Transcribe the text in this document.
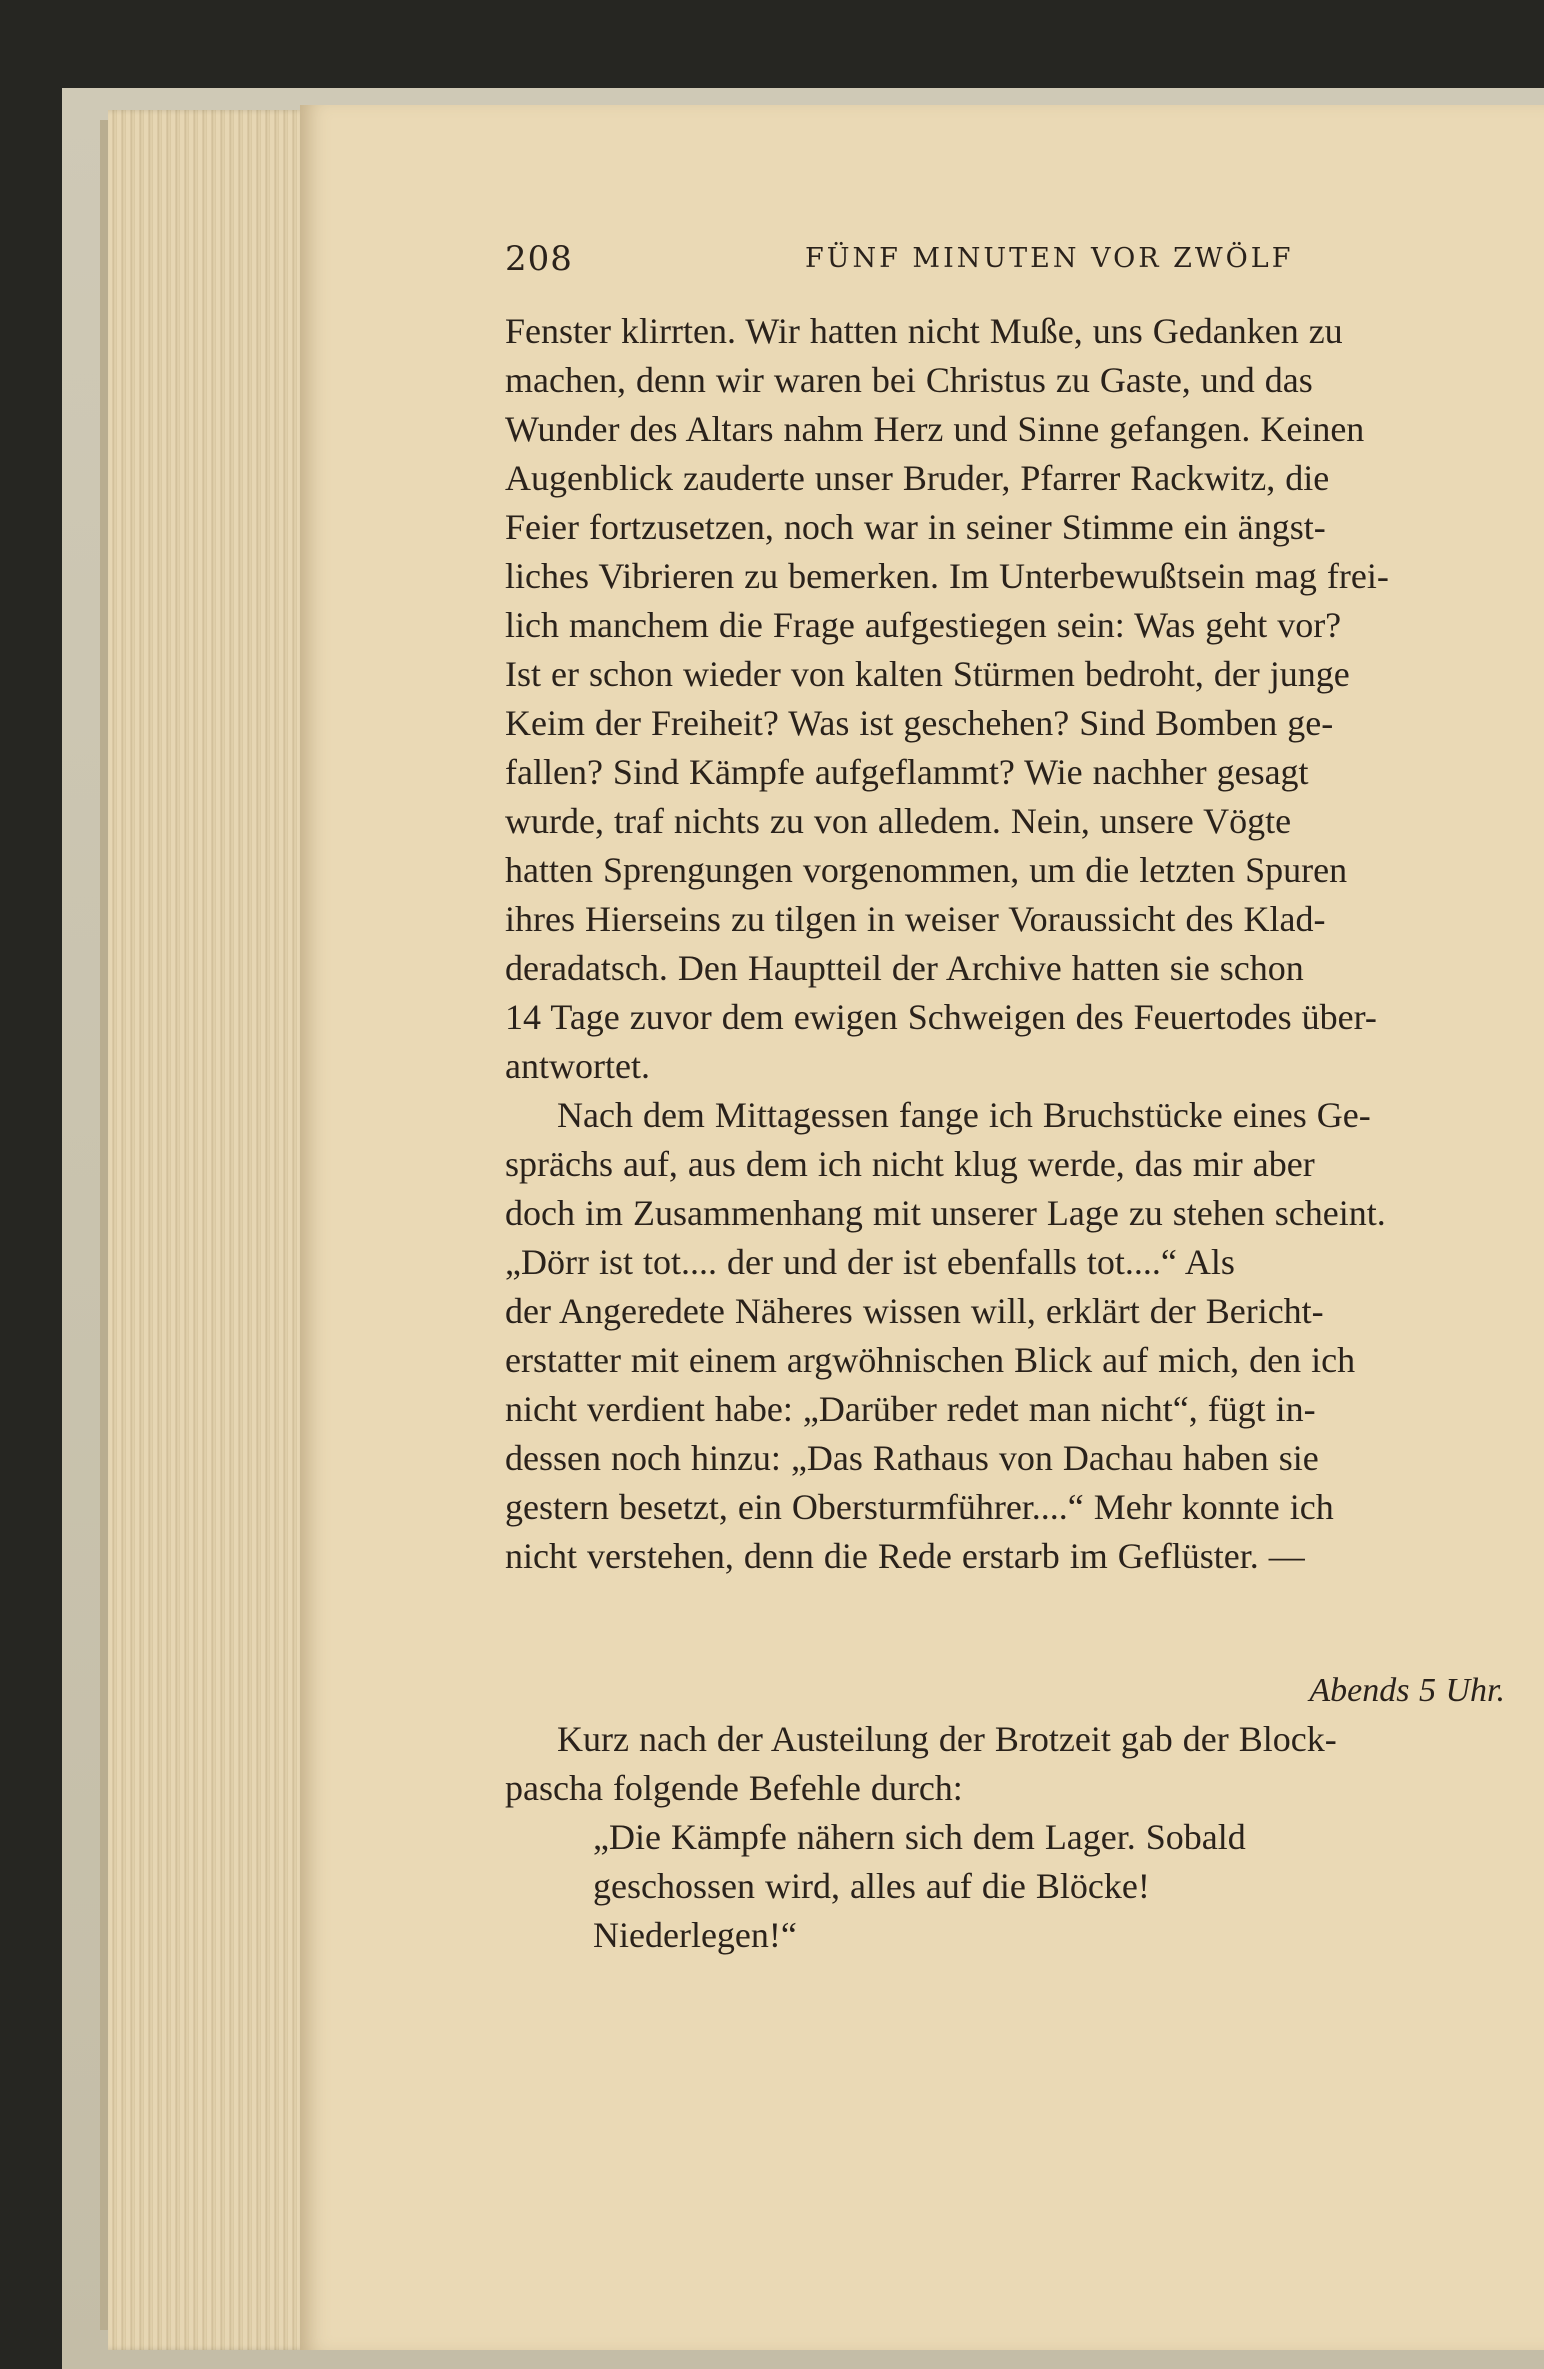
208	FÜNF MINUTEN VOR ZWÖLF
Fenster klirrten. Wir hatten nicht Muße, uns Gedanken zu
machen, denn wir waren bei Christus zu Gaste, und das
Wunder des Altars nahm Herz und Sinne gefangen. Keinen
Augenblick zauderte unser Bruder, Pfarrer Rackwitz, die
Feier fortzusetzen, noch war in seiner Stimme ein ängst-
liches Vibrieren zu bemerken. Im Unterbewußtsein mag frei-
lich manchem die Frage aufgestiegen sein: Was geht vor?
Ist er schon wieder von kalten Stürmen bedroht, der junge
Keim der Freiheit? Was ist geschehen? Sind Bomben ge-
fallen? Sind Kämpfe aufgeflammt? Wie nachher gesagt
wurde, traf nichts zu von alledem. Nein, unsere Vögte
hatten Sprengungen vorgenommen, um die letzten Spuren
ihres Hierseins zu tilgen in weiser Voraussicht des Klad-
deradatsch. Den Hauptteil der Archive hatten sie schon
14 Tage zuvor dem ewigen Schweigen des Feuertodes über-
antwortet.
Nach dem Mittagessen fange ich Bruchstücke eines Ge-
sprächs auf, aus dem ich nicht klug werde, das mir aber
doch im Zusammenhang mit unserer Lage zu stehen scheint.
„Dörr ist tot.... der und der ist ebenfalls tot....“ Als
der Angeredete Näheres wissen will, erklärt der Bericht-
erstatter mit einem argwöhnischen Blick auf mich, den ich
nicht verdient habe: „Darüber redet man nicht“, fügt in-
dessen noch hinzu: „Das Rathaus von Dachau haben sie
gestern besetzt, ein Obersturmführer....“ Mehr konnte ich
nicht verstehen, denn die Rede erstarb im Geflüster. —
Abends 5 Uhr.
Kurz nach der Austeilung der Brotzeit gab der Block-
pascha folgende Befehle durch:
„Die Kämpfe nähern sich dem Lager. Sobald
geschossen wird, alles auf die Blöcke!
Niederlegen!“
